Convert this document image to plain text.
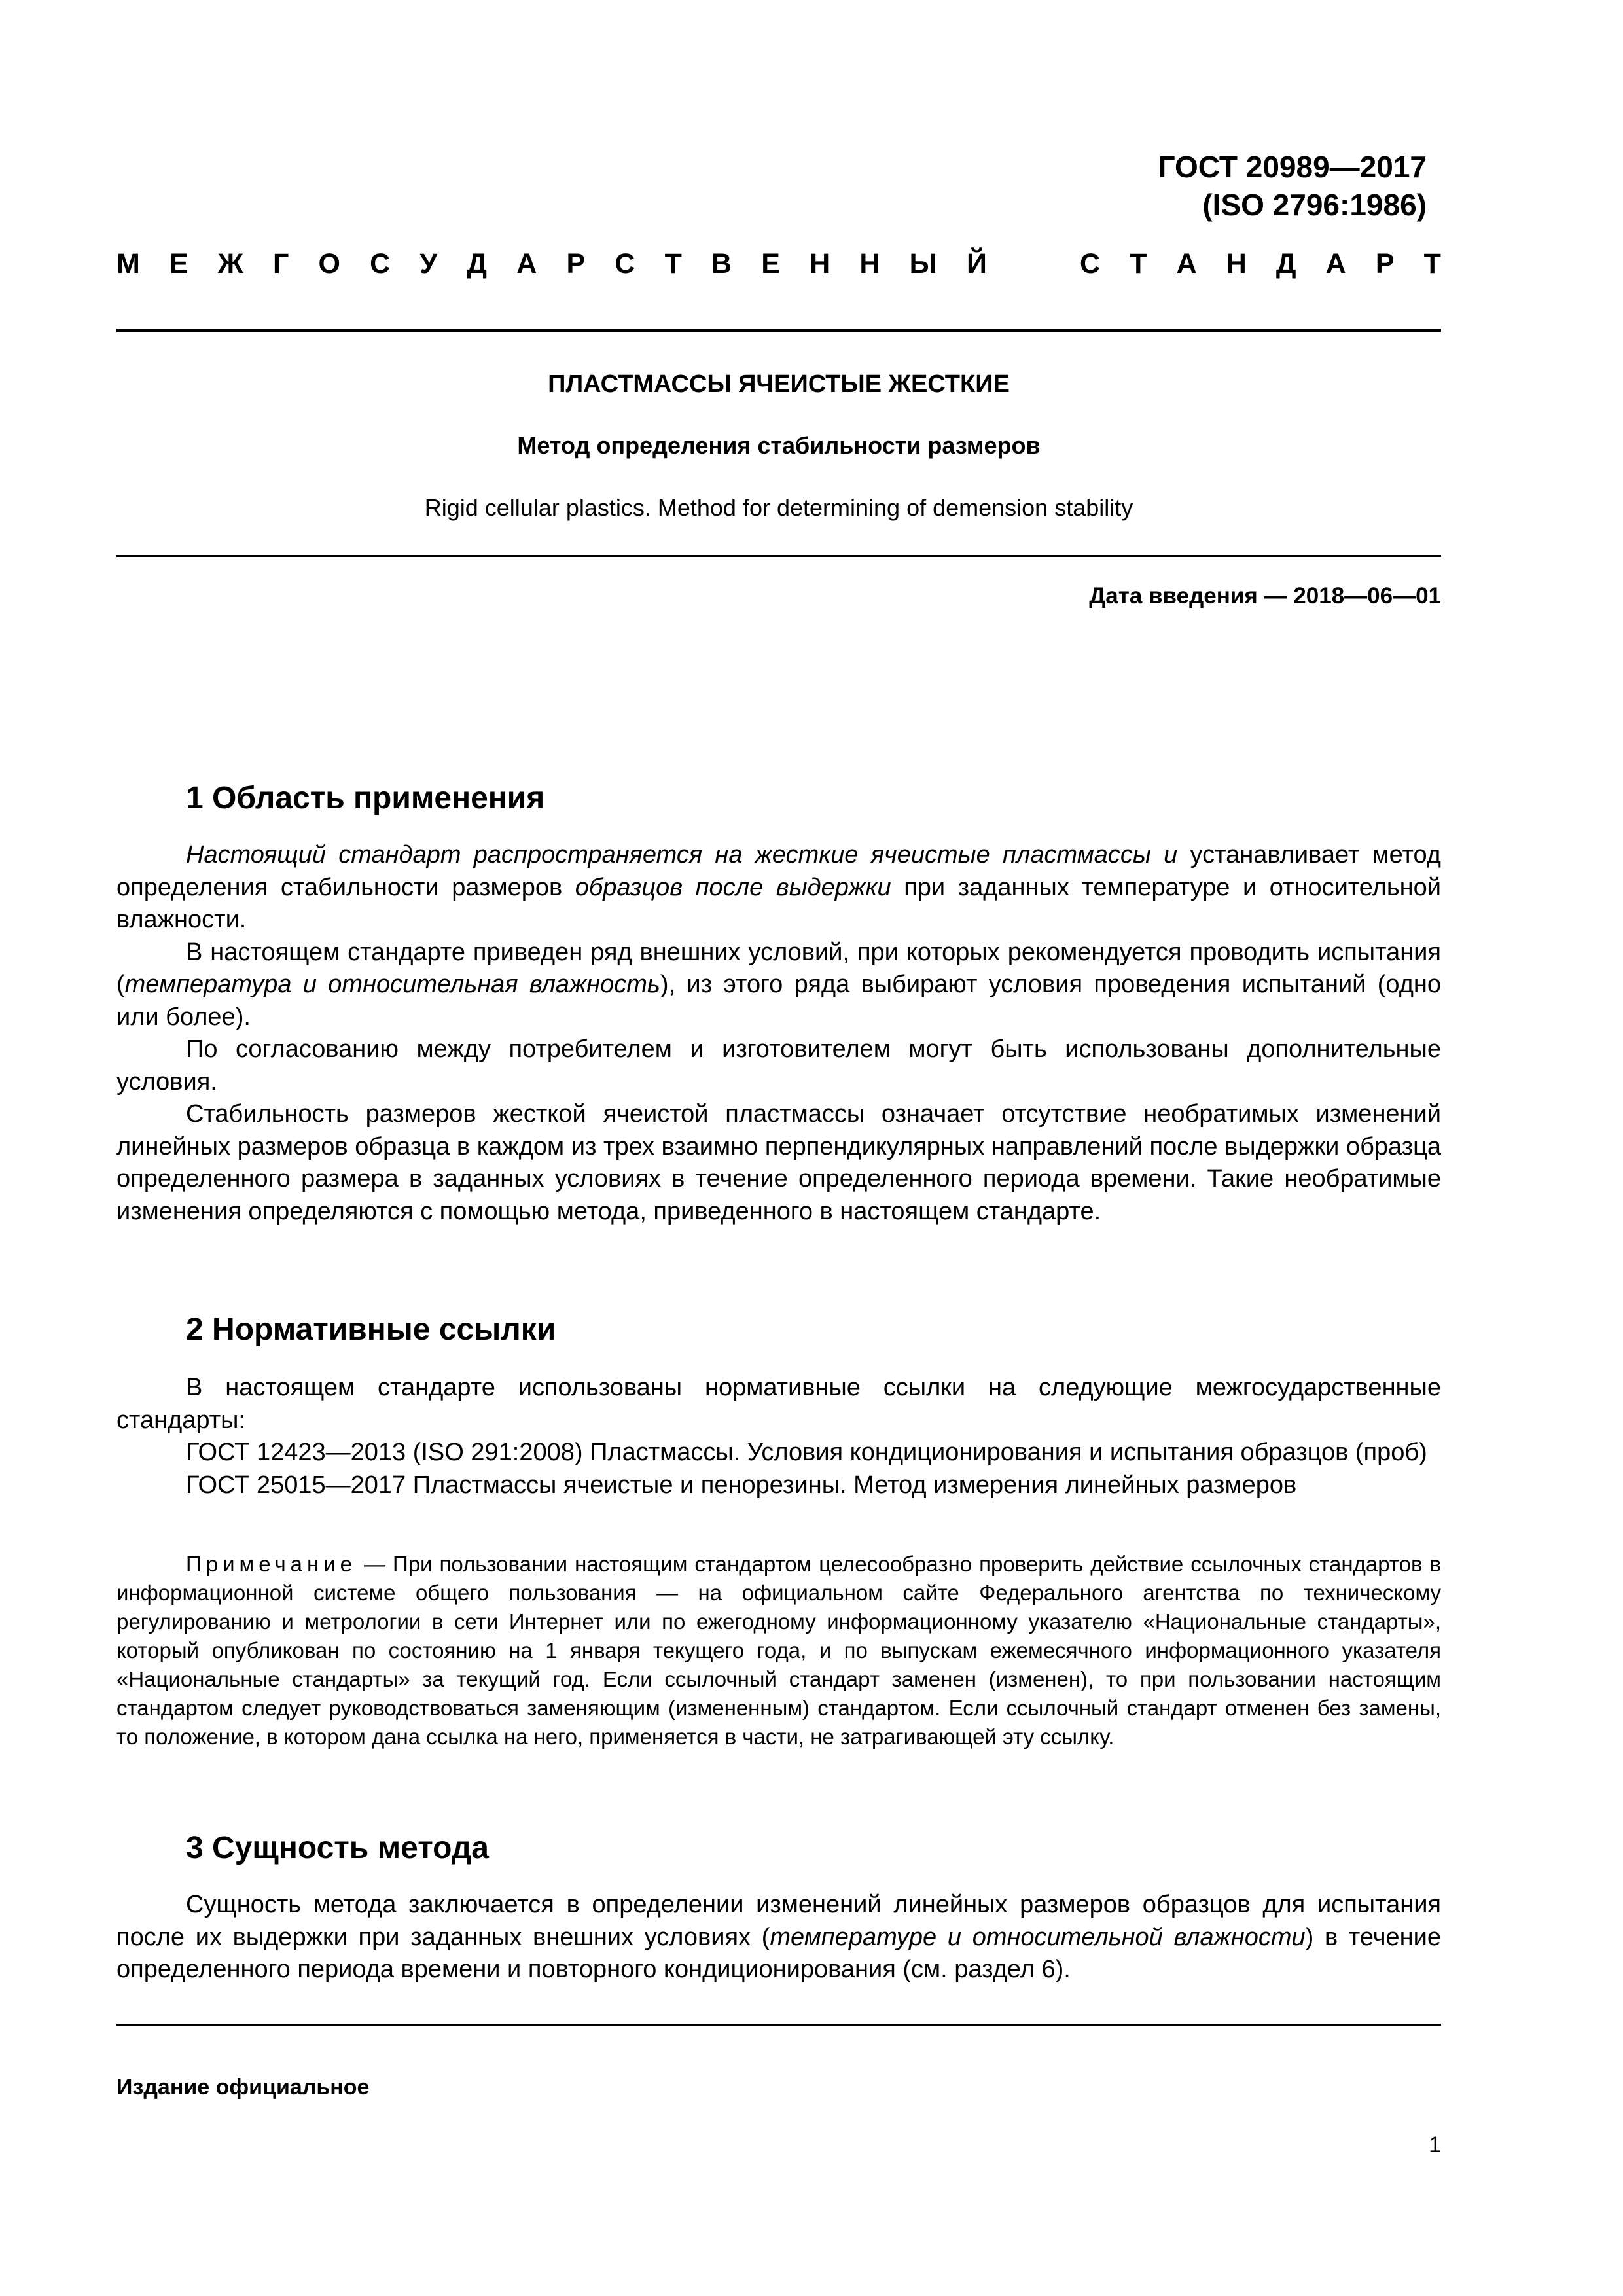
ГОСТ 20989—2017
(ISO 2796:1986)
М Е Ж Г О С У Д А Р С Т В Е Н Н Ы Й	С Т А Н Д А Р Т
ПЛАСТМАССЫ ЯЧЕИСТЫЕ ЖЕСТКИЕ
Метод определения стабильности размеров
Rigid cellular plastics. Method for determining of demension stability
Дата введения — 2018—06—01
1 Область применения

Настоящий стандарт распространяется на жесткие ячеистые пластмассы и устанавливает метод определения стабильности размеров образцов после выдержки при заданных температуре и относительной влажности.

В настоящем стандарте приведен ряд внешних условий, при которых рекомендуется проводить испытания (температура и относительная влажность), из этого ряда выбирают условия проведения испытаний (одно или более).

По согласованию между потребителем и изготовителем могут быть использованы дополнительные условия.

Стабильность размеров жесткой ячеистой пластмассы означает отсутствие необратимых изменений линейных размеров образца в каждом из трех взаимно перпендикулярных направлений после выдержки образца определенного размера в заданных условиях в течение определенного периода времени. Такие необратимые изменения определяются с помощью метода, приведенного в настоящем стандарте.

2 Нормативные ссылки

В настоящем стандарте использованы нормативные ссылки на следующие межгосударственные стандарты:

ГОСТ 12423—2013 (ISO 291:2008) Пластмассы. Условия кондиционирования и испытания образцов (проб)

ГОСТ 25015—2017 Пластмассы ячеистые и пенорезины. Метод измерения линейных размеров

Примечание — При пользовании настоящим стандартом целесообразно проверить действие ссылочных стандартов в информационной системе общего пользования — на официальном сайте Федерального агентства по техническому регулированию и метрологии в сети Интернет или по ежегодному информационному указателю «Национальные стандарты», который опубликован по состоянию на 1 января текущего года, и по выпускам ежемесячного информационного указателя «Национальные стандарты» за текущий год. Если ссылочный стандарт заменен (изменен), то при пользовании настоящим стандартом следует руководствоваться заменяющим (измененным) стандартом. Если ссылочный стандарт отменен без замены, то положение, в котором дана ссылка на него, применяется в части, не затрагивающей эту ссылку.
3 Сущность метода

Сущность метода заключается в определении изменений линейных размеров образцов для испытания после их выдержки при заданных внешних условиях (температуре и относительной влажности) в течение определенного периода времени и повторного кондиционирования (см. раздел 6).

Издание официальное
1
